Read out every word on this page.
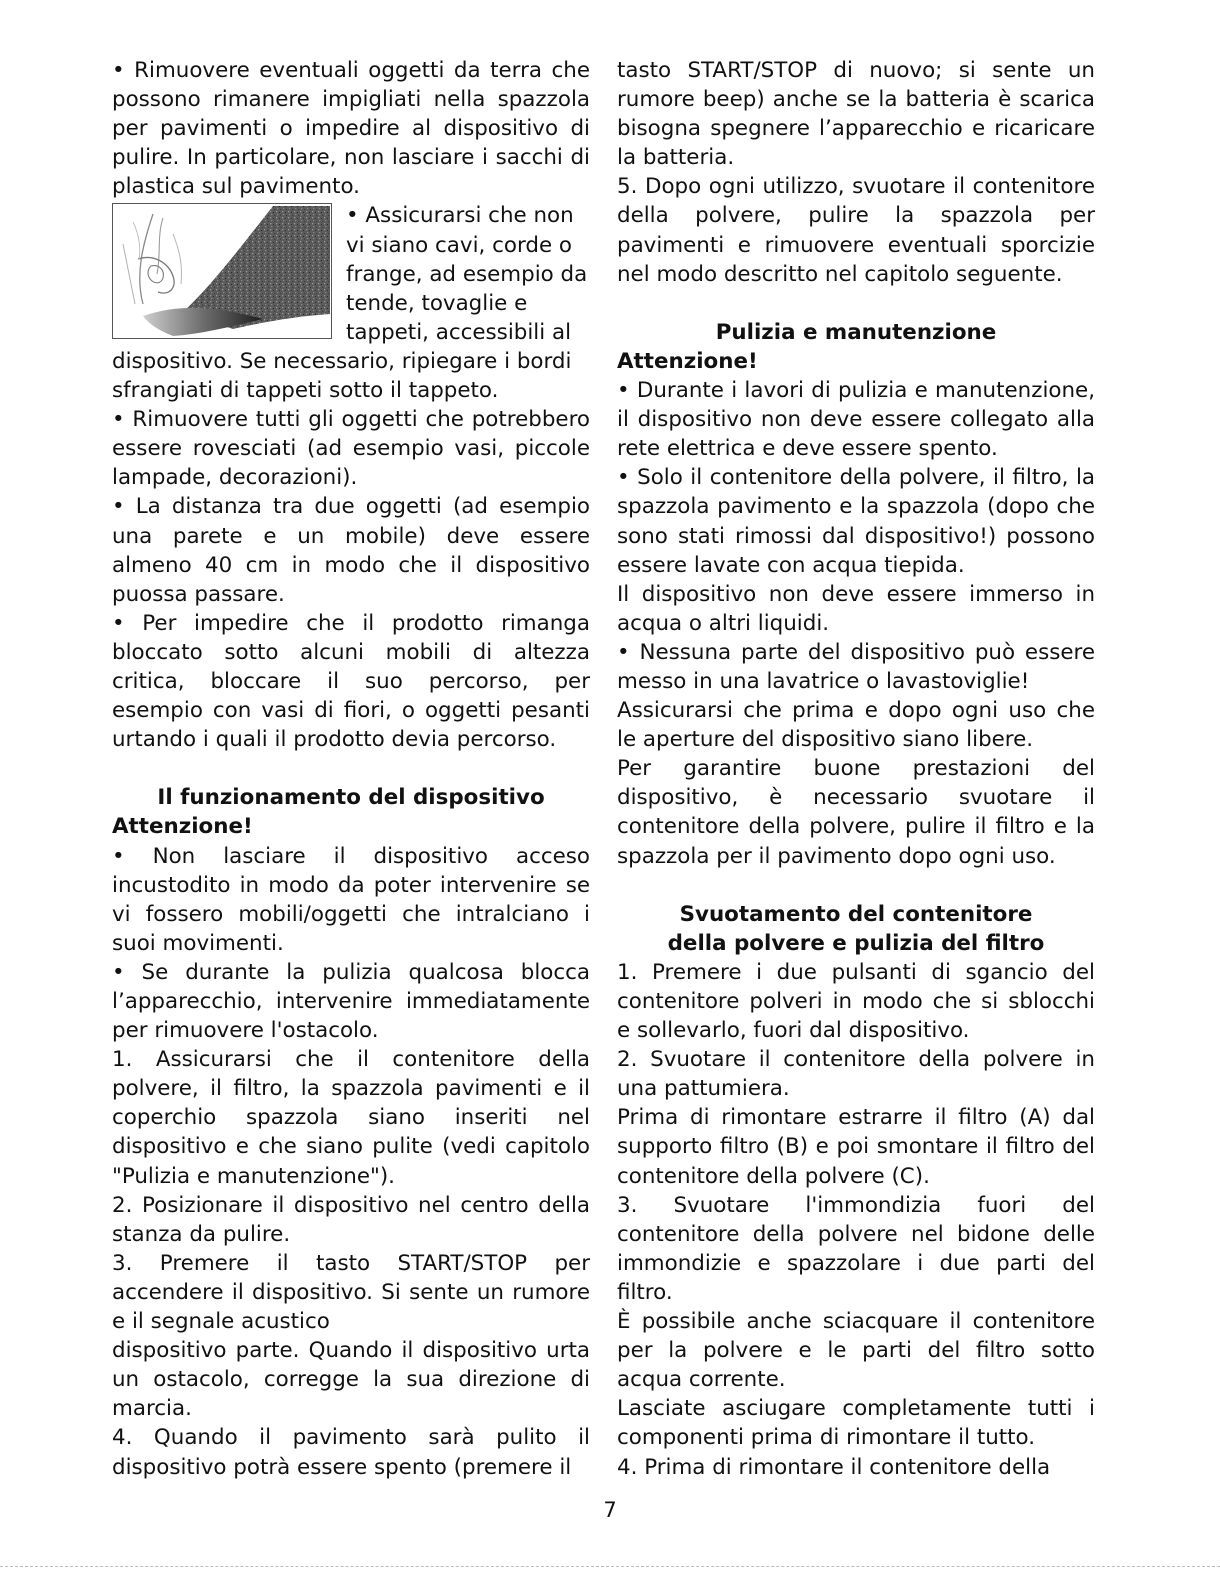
• Rimuovere eventuali oggetti da terra che possono rimanere impigliati nella spazzola per pavimenti o impedire al dispositivo di pulire. In particolare, non lasciare i sacchi di plastica sul pavimento.

• Assicurarsi che non vi siano cavi, corde o frange, ad esempio da tende, tovaglie e tappeti, accessibili al dispositivo. Se necessario, ripiegare i bordi sfrangiati di tappeti sotto il tappeto.

• Rimuovere tutti gli oggetti che potrebbero essere rovesciati (ad esempio vasi, piccole lampade, decorazioni).

• La distanza tra due oggetti (ad esempio una parete e un mobile) deve essere almeno 40 cm in modo che il dispositivo puossa passare.

• Per impedire che il prodotto rimanga bloccato sotto alcuni mobili di altezza critica, bloccare il suo percorso, per esempio con vasi di fiori, o oggetti pesanti urtando i quali il prodotto devia percorso.

Il funzionamento del dispositivo
Attenzione!

• Non lasciare il dispositivo acceso incustodito in modo da poter intervenire se vi fossero mobili/oggetti che intralciano i suoi movimenti.

• Se durante la pulizia qualcosa blocca l’apparecchio, intervenire immediatamente per rimuovere l'ostacolo.

1. Assicurarsi che il contenitore della polvere, il filtro, la spazzola pavimenti e il coperchio spazzola siano inseriti nel dispositivo e che siano pulite (vedi capitolo "Pulizia e manutenzione").

2. Posizionare il dispositivo nel centro della stanza da pulire.

3. Premere il tasto START/STOP per accendere il dispositivo. Si sente un rumore e il segnale acustico

dispositivo parte. Quando il dispositivo urta un ostacolo, corregge la sua direzione di marcia.

4. Quando il pavimento sarà pulito il dispositivo potrà essere spento (premere il

tasto START/STOP di nuovo; si sente un rumore beep) anche se la batteria è scarica bisogna spegnere l’apparecchio e ricaricare la batteria.

5. Dopo ogni utilizzo, svuotare il contenitore della polvere, pulire la spazzola per pavimenti e rimuovere eventuali sporcizie nel modo descritto nel capitolo seguente.

Pulizia e manutenzione
Attenzione!

• Durante i lavori di pulizia e manutenzione, il dispositivo non deve essere collegato alla rete elettrica e deve essere spento.

• Solo il contenitore della polvere, il filtro, la spazzola pavimento e la spazzola (dopo che sono stati rimossi dal dispositivo!) possono essere lavate con acqua tiepida.

Il dispositivo non deve essere immerso in acqua o altri liquidi.

• Nessuna parte del dispositivo può essere messo in una lavatrice o lavastoviglie!

Assicurarsi che prima e dopo ogni uso che le aperture del dispositivo siano libere.

Per garantire buone prestazioni del dispositivo, è necessario svuotare il contenitore della polvere, pulire il filtro e la spazzola per il pavimento dopo ogni uso.

Svuotamento del contenitore
della polvere e pulizia del filtro

1. Premere i due pulsanti di sgancio del contenitore polveri in modo che si sblocchi e sollevarlo, fuori dal dispositivo.

2. Svuotare il contenitore della polvere in una pattumiera.

Prima di rimontare estrarre il filtro (A) dal supporto filtro (B) e poi smontare il filtro del contenitore della polvere (C).

3. Svuotare l'immondizia fuori del contenitore della polvere nel bidone delle immondizie e spazzolare i due parti del filtro.

È possibile anche sciacquare il contenitore per la polvere e le parti del filtro sotto acqua corrente.

Lasciate asciugare completamente tutti i componenti prima di rimontare il tutto.

4. Prima di rimontare il contenitore della

7
